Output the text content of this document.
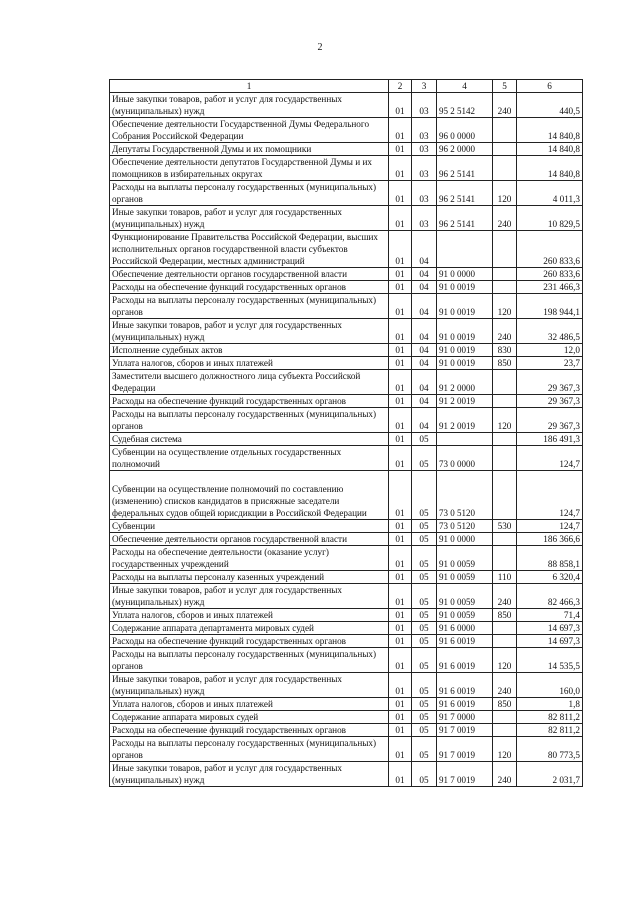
2
1	2	3	4	5	6
Иные закупки товаров, работ и услуг для государственных (муниципальных) нужд	01	03	95 2 5142	240	440,5
Обеспечение деятельности Государственной Думы Федерального Собрания Российской Федерации	01	03	96 0 0000		14 840,8
Депутаты Государственной Думы и их помощники	01	03	96 2 0000		14 840,8
Обеспечение деятельности депутатов Государственной Думы и их помощников в избирательных округах	01	03	96 2 5141		14 840,8
Расходы на выплаты персоналу государственных (муниципальных) органов	01	03	96 2 5141	120	4 011,3
Иные закупки товаров, работ и услуг для государственных (муниципальных) нужд	01	03	96 2 5141	240	10 829,5
Функционирование Правительства Российской Федерации, высших исполнительных органов государственной власти субъектов Российской Федерации, местных администраций	01	04			260 833,6
Обеспечение деятельности органов государственной власти	01	04	91 0 0000		260 833,6
Расходы на обеспечение функций государственных органов	01	04	91 0 0019		231 466,3
Расходы на выплаты персоналу государственных (муниципальных) органов	01	04	91 0 0019	120	198 944,1
Иные закупки товаров, работ и услуг для государственных (муниципальных) нужд	01	04	91 0 0019	240	32 486,5
Исполнение судебных актов	01	04	91 0 0019	830	12,0
Уплата налогов, сборов и иных платежей	01	04	91 0 0019	850	23,7
Заместители высшего должностного лица субъекта Российской Федерации	01	04	91 2 0000		29 367,3
Расходы на обеспечение функций государственных органов	01	04	91 2 0019		29 367,3
Расходы на выплаты персоналу государственных (муниципальных) органов	01	04	91 2 0019	120	29 367,3
Судебная система	01	05			186 491,3
Субвенции на осуществление отдельных государственных полномочий	01	05	73 0 0000		124,7
Субвенции на осуществление полномочий по составлению (изменению) списков кандидатов в присяжные заседатели федеральных судов общей юрисдикции в Российской Федерации	01	05	73 0 5120		124,7
Субвенции	01	05	73 0 5120	530	124,7
Обеспечение деятельности органов государственной власти	01	05	91 0 0000		186 366,6
Расходы на обеспечение деятельности (оказание услуг) государственных учреждений	01	05	91 0 0059		88 858,1
Расходы на выплаты персоналу казенных учреждений	01	05	91 0 0059	110	6 320,4
Иные закупки товаров, работ и услуг для государственных (муниципальных) нужд	01	05	91 0 0059	240	82 466,3
Уплата налогов, сборов и иных платежей	01	05	91 0 0059	850	71,4
Содержание аппарата департамента мировых судей	01	05	91 6 0000		14 697,3
Расходы на обеспечение функций государственных органов	01	05	91 6 0019		14 697,3
Расходы на выплаты персоналу государственных (муниципальных) органов	01	05	91 6 0019	120	14 535,5
Иные закупки товаров, работ и услуг для государственных (муниципальных) нужд	01	05	91 6 0019	240	160,0
Уплата налогов, сборов и иных платежей	01	05	91 6 0019	850	1,8
Содержание аппарата мировых судей	01	05	91 7 0000		82 811,2
Расходы на обеспечение функций государственных органов	01	05	91 7 0019		82 811,2
Расходы на выплаты персоналу государственных (муниципальных) органов	01	05	91 7 0019	120	80 773,5
Иные закупки товаров, работ и услуг для государственных (муниципальных) нужд	01	05	91 7 0019	240	2 031,7
